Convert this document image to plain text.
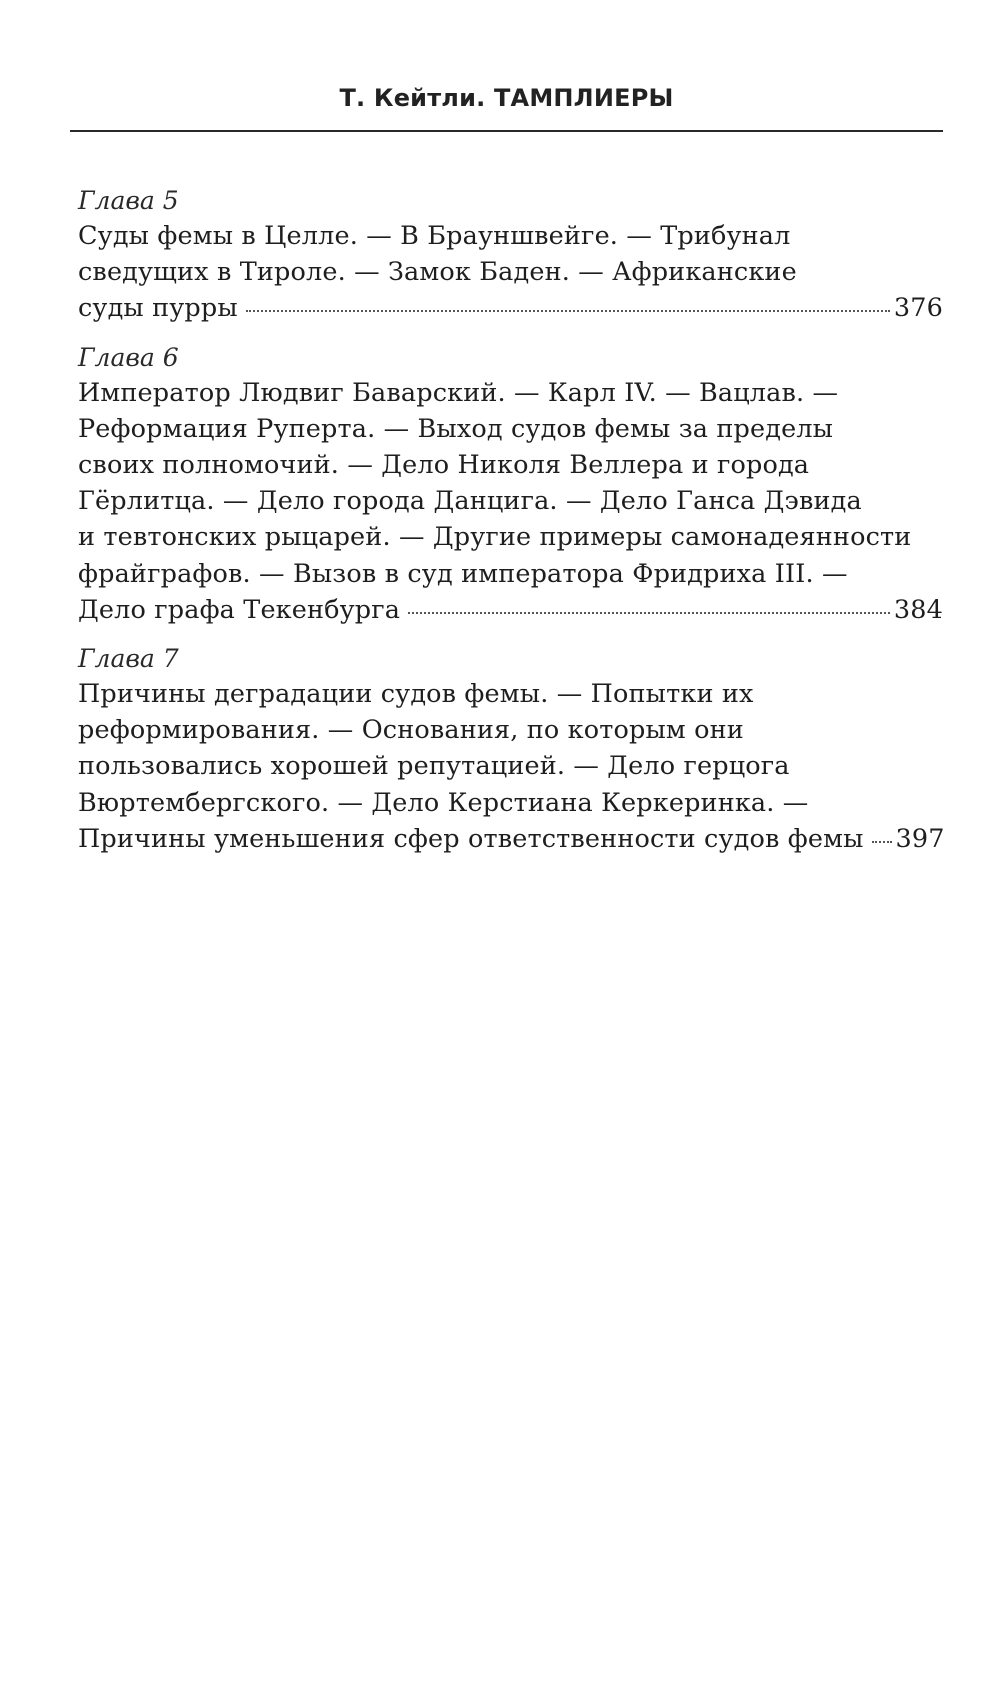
Т. Кейтли. ТАМПЛИЕРЫ
Глава 5
Суды фемы в Целле. — В Брауншвейге. — Трибунал
сведущих в Тироле. — Замок Баден. — Африканские
суды пурры	376
Глава 6
Император Людвиг Баварский. — Карл IV. — Вацлав. —
Реформация Руперта. — Выход судов фемы за пределы
своих полномочий. — Дело Николя Веллера и города
Гёрлитца. — Дело города Данцига. — Дело Ганса Дэвида
и тевтонских рыцарей. — Другие примеры самонадеянности
фрайграфов. — Вызов в суд императора Фридриха III. —
Дело графа Текенбурга	384
Глава 7
Причины деградации судов фемы. — Попытки их
реформирования. — Основания, по которым они
пользовались хорошей репутацией. — Дело герцога
Вюртембергского. — Дело Керстиана Керкеринка. —
Причины уменьшения сфер ответственности судов фемы 397
